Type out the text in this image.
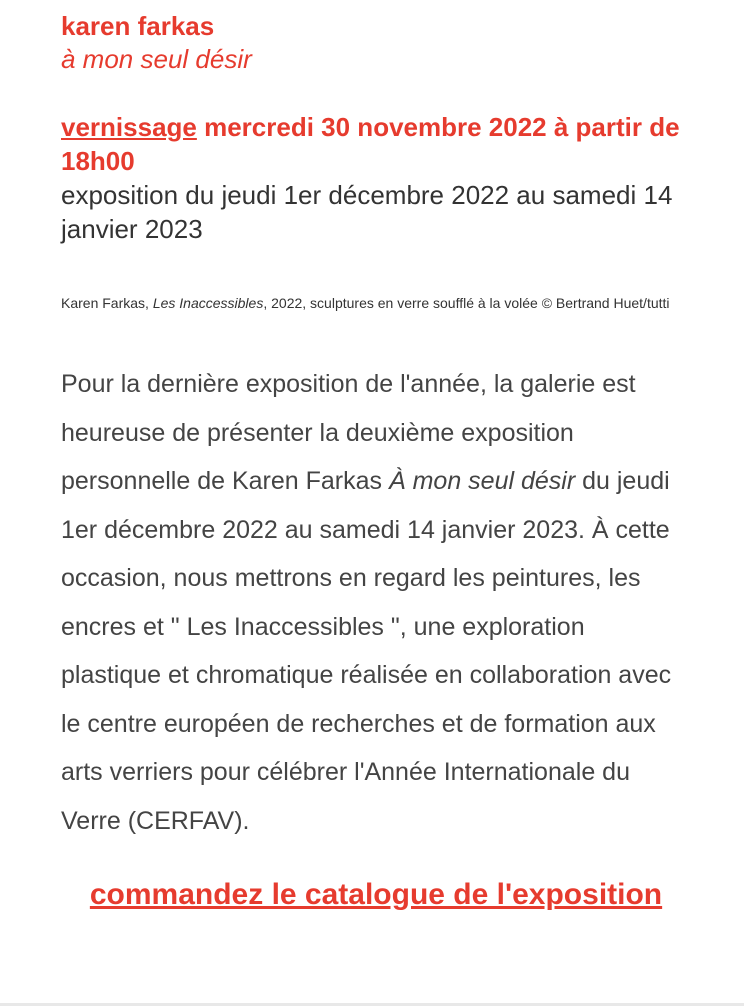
karen farkas

à mon seul désir

vernissage mercredi 30 novembre 2022 à partir de 18h00

exposition du jeudi 1er décembre 2022 au samedi 14 janvier 2023

Karen Farkas, Les Inaccessibles, 2022, sculptures en verre soufflé à la volée © Bertrand Huet/tutti

Pour la dernière exposition de l'année, la galerie est heureuse de présenter la deuxième exposition personnelle de Karen Farkas À mon seul désir du jeudi 1er décembre 2022 au samedi 14 janvier 2023. À cette occasion, nous mettrons en regard les peintures, les encres et " Les Inaccessibles ", une exploration plastique et chromatique réalisée en collaboration avec le centre européen de recherches et de formation aux arts verriers pour célébrer l'Année Internationale du Verre (CERFAV).

commandez le catalogue de l'exposition
